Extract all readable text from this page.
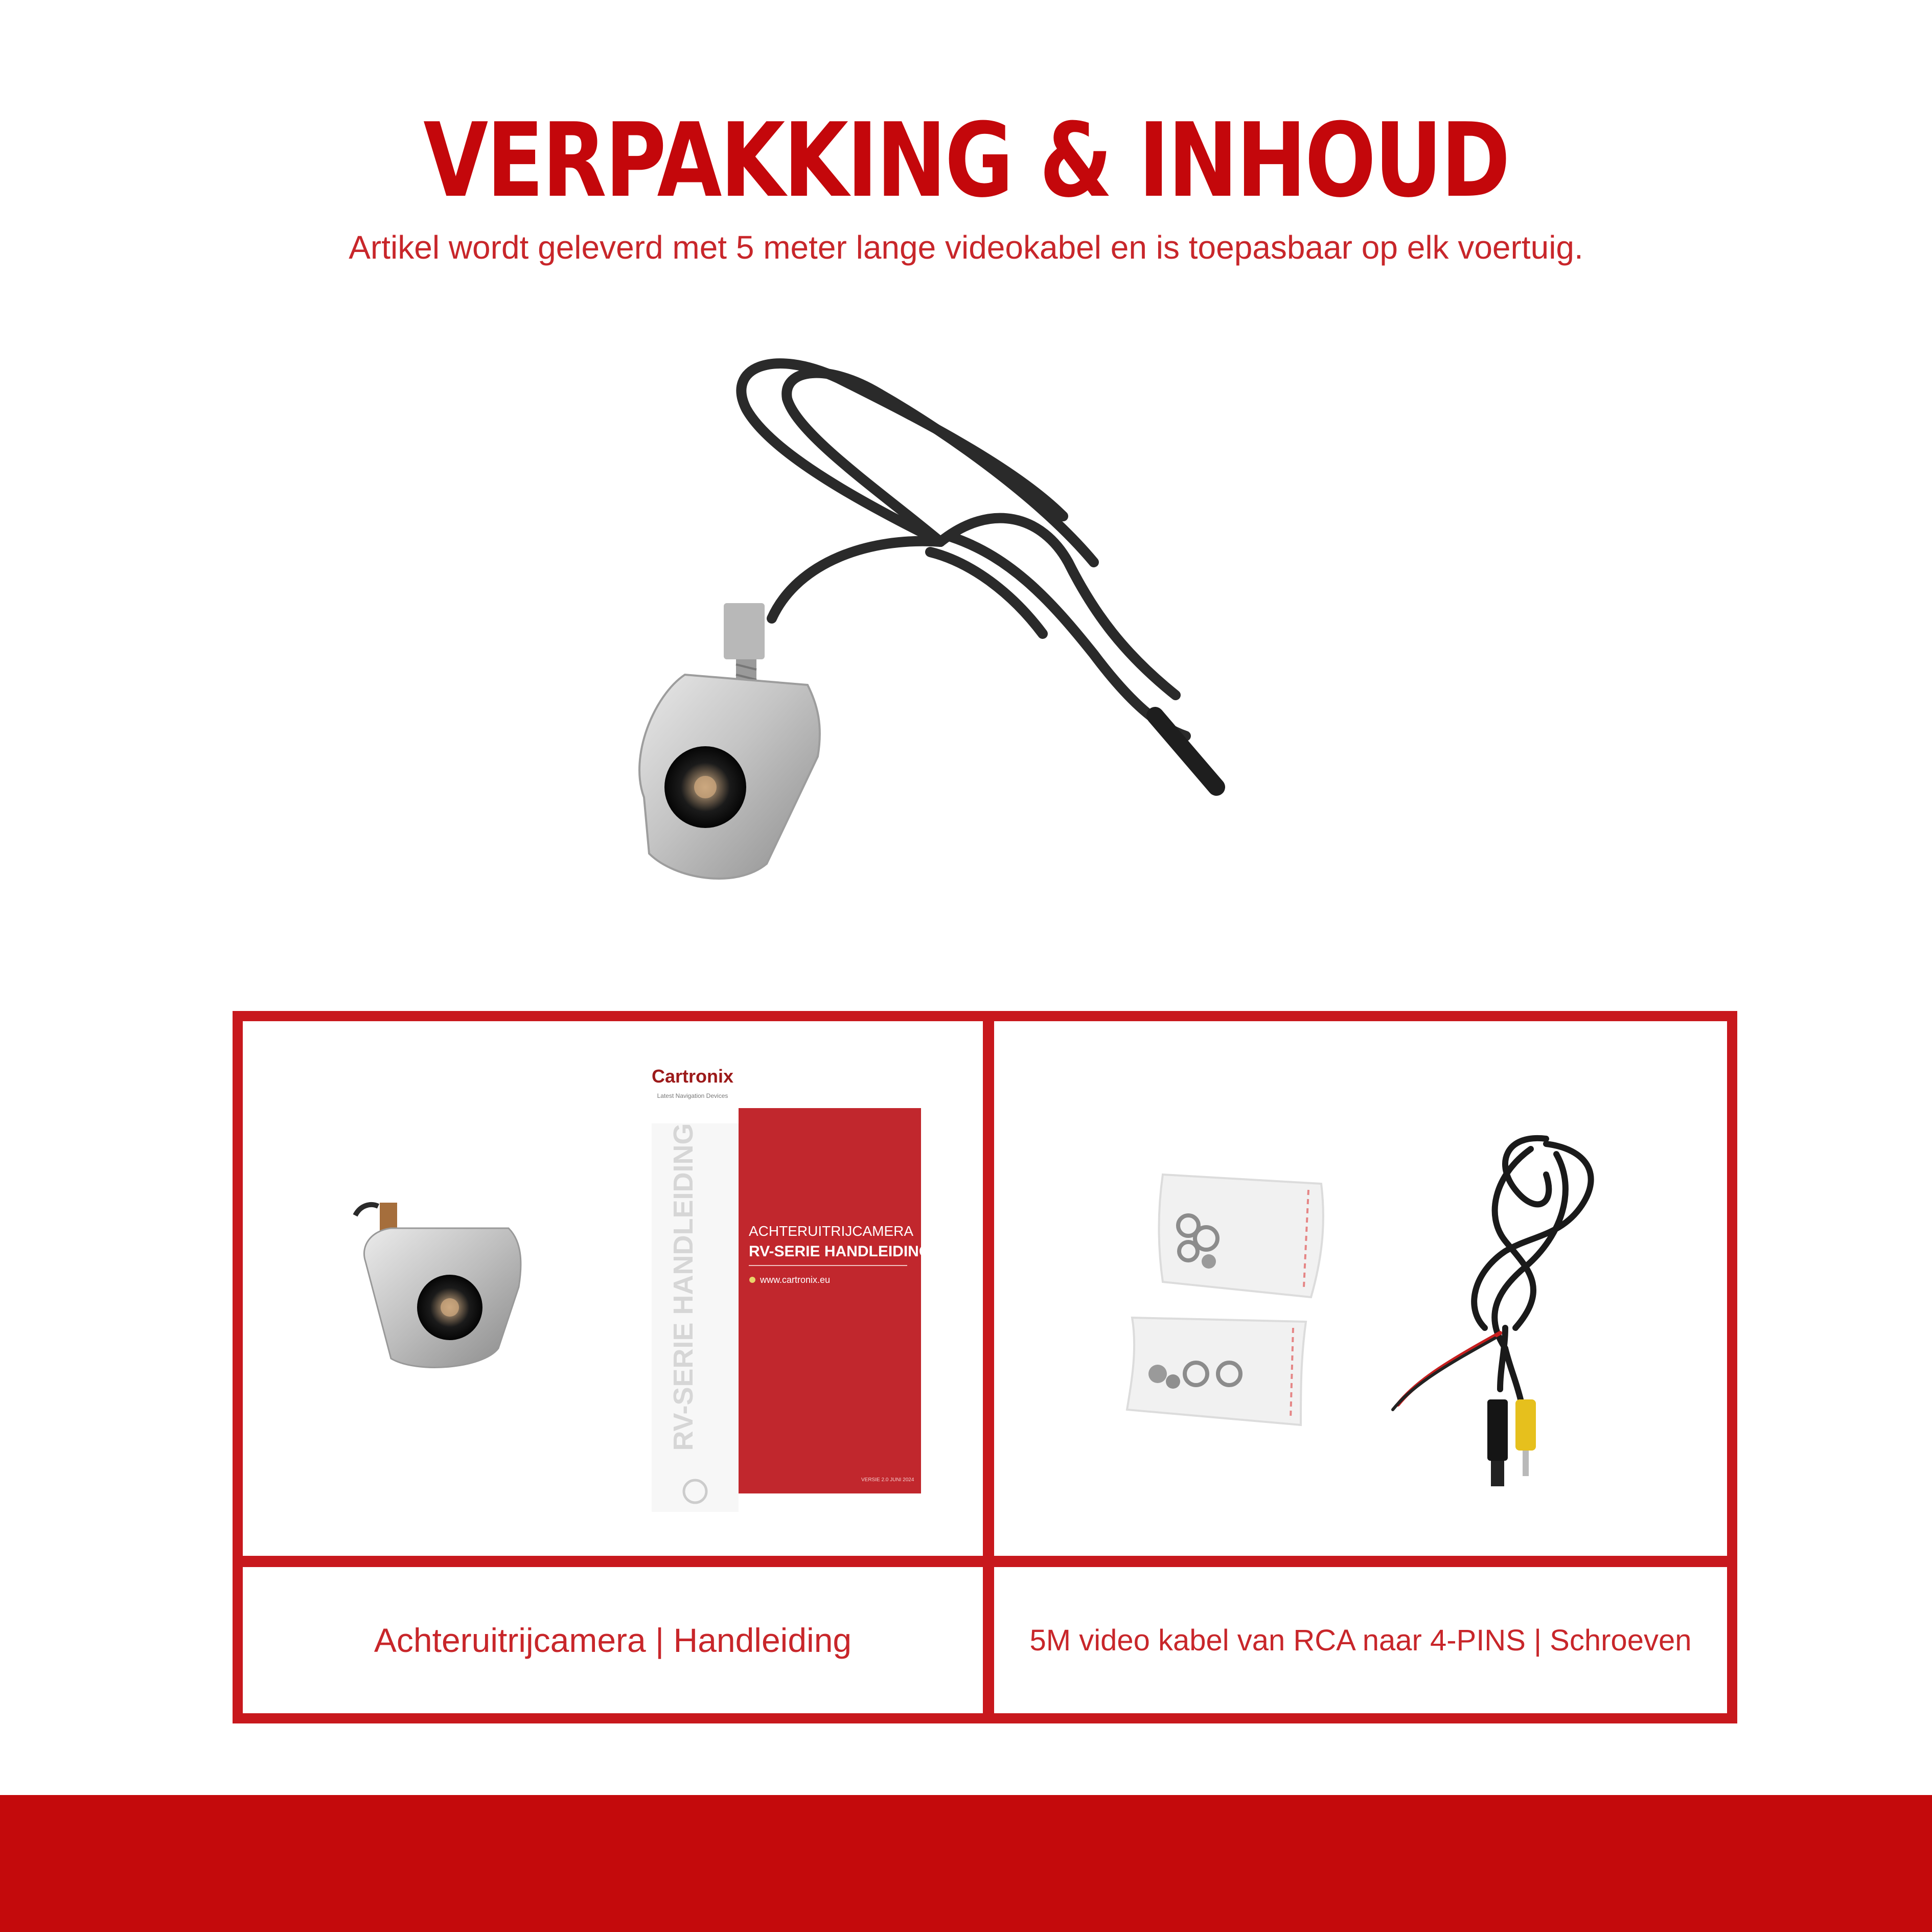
VERPAKKING & INHOUD
Artikel wordt geleverd met 5 meter lange videokabel en is toepasbaar op elk voertuig.
RV-SERIE HANDLEIDING
Cartronix
Latest Navigation Devices
ACHTERUITRIJCAMERA
RV-SERIE HANDLEIDING
www.cartronix.eu
VERSIE 2.0 JUNI 2024
Achteruitrijcamera | Handleiding	5M video kabel van RCA naar 4-PINS | Schroeven
